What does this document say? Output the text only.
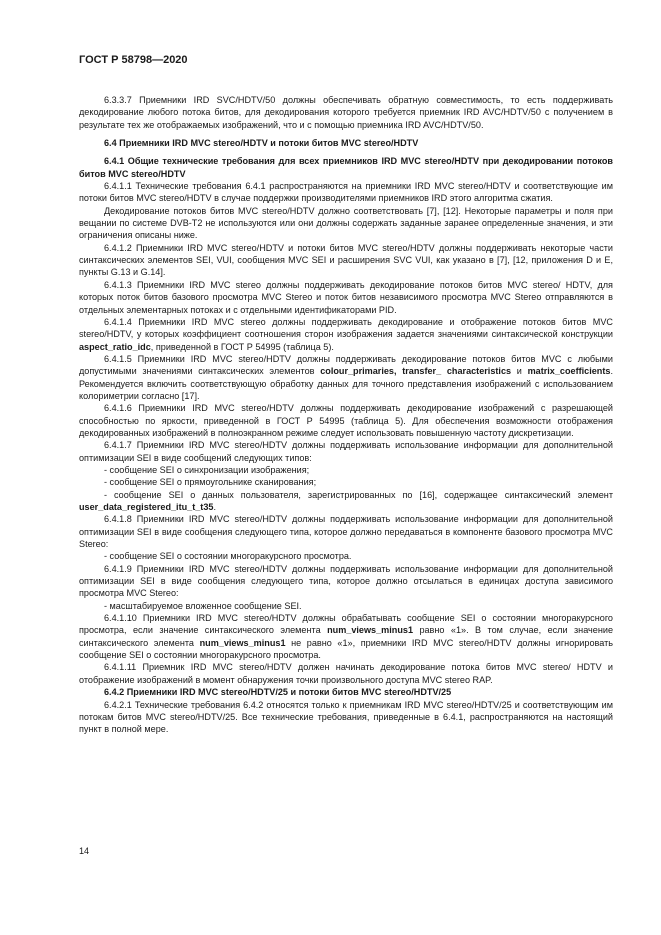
ГОСТ Р 58798—2020

6.3.3.7 Приемники IRD SVC/HDTV/50 должны обеспечивать обратную совместимость, то есть поддерживать декодирование любого потока битов, для декодирования которого требуется приемник IRD AVC/HDTV/50 с получением в результате тех же отображаемых изображений, что и с помощью приемника IRD AVC/HDTV/50.

6.4 Приемники IRD MVC stereo/HDTV и потоки битов MVC stereo/HDTV

6.4.1 Общие технические требования для всех приемников IRD MVC stereo/HDTV при декодировании потоков битов MVC stereo/HDTV

6.4.1.1 Технические требования 6.4.1 распространяются на приемники IRD MVC stereo/HDTV и соответствующие им потоки битов MVC stereo/HDTV в случае поддержки производителями приемников IRD этого алгоритма сжатия.

Декодирование потоков битов MVC stereo/HDTV должно соответствовать [7], [12]. Некоторые параметры и поля при вещании по системе DVB-T2 не используются или они должны содержать заданные заранее определенные значения, и эти ограничения описаны ниже.

6.4.1.2 Приемники IRD MVC stereo/HDTV и потоки битов MVC stereo/HDTV должны поддерживать некоторые части синтаксических элементов SEI, VUI, сообщения MVC SEI и расширения SVC VUI, как указано в [7], [12, приложения D и E, пункты G.13 и G.14].

6.4.1.3 Приемники IRD MVC stereo должны поддерживать декодирование потоков битов MVC stereo/ HDTV, для которых поток битов базового просмотра MVC Stereo и поток битов независимого просмотра MVC Stereo отправляются в отдельных элементарных потоках и с отдельными идентификаторами PID.

6.4.1.4 Приемники IRD MVC stereo должны поддерживать декодирование и отображение потоков битов MVC stereo/HDTV, у которых коэффициент соотношения сторон изображения задается значениями синтаксической конструкции aspect_ratio_idc, приведенной в ГОСТ Р 54995 (таблица 5).

6.4.1.5 Приемники IRD MVC stereo/HDTV должны поддерживать декодирование потоков битов MVC с любыми допустимыми значениями синтаксических элементов colour_primaries, transfer_ characteristics и matrix_coefficients. Рекомендуется включить соответствующую обработку данных для точного представления изображений с использованием колориметрии согласно [17].

6.4.1.6 Приемники IRD MVC stereo/HDTV должны поддерживать декодирование изображений с разрешающей способностью по яркости, приведенной в ГОСТ Р 54995 (таблица 5). Для обеспечения возможности отображения декодированных изображений в полноэкранном режиме следует использовать повышенную частоту дискретизации.

6.4.1.7 Приемники IRD MVC stereo/HDTV должны поддерживать использование информации для дополнительной оптимизации SEI в виде сообщений следующих типов:

- сообщение SEI о синхронизации изображения;

- сообщение SEI о прямоугольнике сканирования;

- сообщение SEI о данных пользователя, зарегистрированных по [16], содержащее синтаксический элемент user_data_registered_itu_t_t35.

6.4.1.8 Приемники IRD MVC stereo/HDTV должны поддерживать использование информации для дополнительной оптимизации SEI в виде сообщения следующего типа, которое должно передаваться в компоненте базового просмотра MVC Stereo:

- сообщение SEI о состоянии многоракурсного просмотра.

6.4.1.9 Приемники IRD MVC stereo/HDTV должны поддерживать использование информации для дополнительной оптимизации SEI в виде сообщения следующего типа, которое должно отсылаться в единицах доступа зависимого просмотра MVC Stereo:

- масштабируемое вложенное сообщение SEI.

6.4.1.10 Приемники IRD MVC stereo/HDTV должны обрабатывать сообщение SEI о состоянии многоракурсного просмотра, если значение синтаксического элемента num_views_minus1 равно «1». В том случае, если значение синтаксического элемента num_views_minus1 не равно «1», приемники IRD MVC stereo/HDTV должны игнорировать сообщение SEI о состоянии многоракурсного просмотра.

6.4.1.11 Приемник IRD MVC stereo/HDTV должен начинать декодирование потока битов MVC stereo/ HDTV и отображение изображений в момент обнаружения точки произвольного доступа MVC stereo RAP.

6.4.2 Приемники IRD MVC stereo/HDTV/25 и потоки битов MVC stereo/HDTV/25

6.4.2.1 Технические требования 6.4.2 относятся только к приемникам IRD MVC stereo/HDTV/25 и соответствующим им потокам битов MVC stereo/HDTV/25. Все технические требования, приведенные в 6.4.1, распространяются на настоящий пункт в полной мере.

14
